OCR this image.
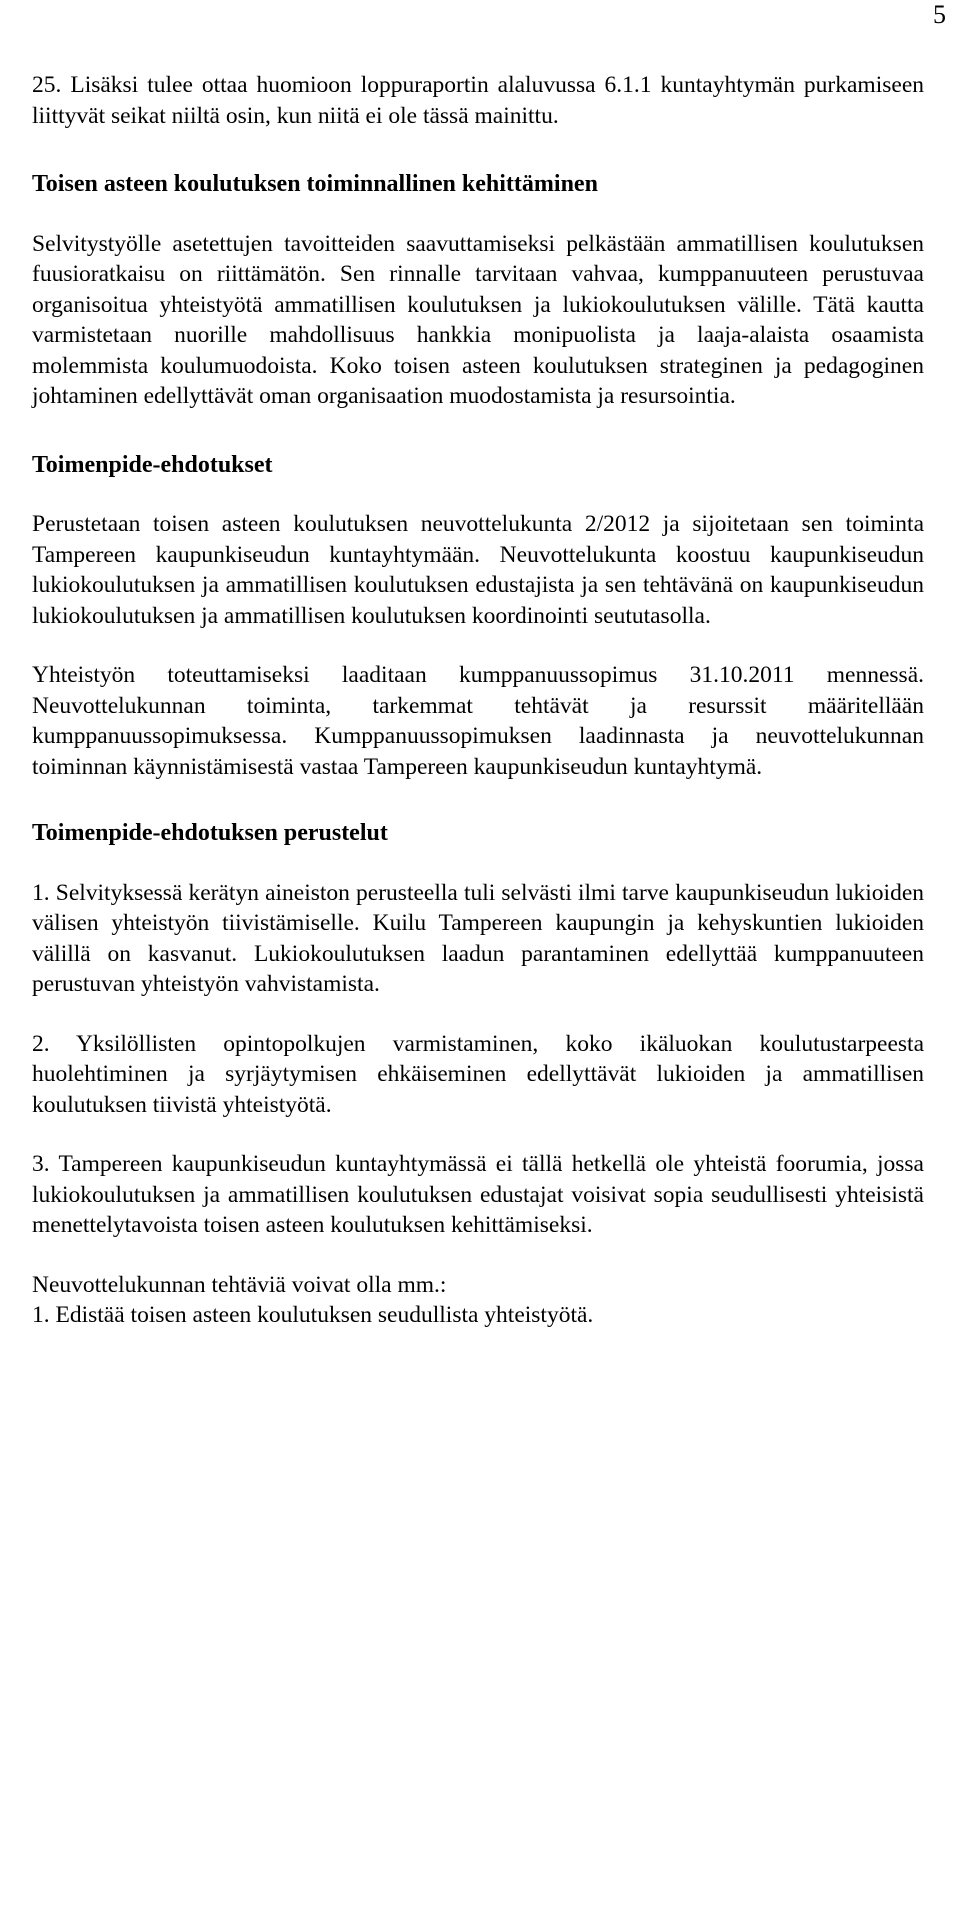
5

25. Lisäksi tulee ottaa huomioon loppuraportin alaluvussa 6.1.1 kuntayhtymän purkamiseen liittyvät seikat niiltä osin, kun niitä ei ole tässä mainittu.

Toisen asteen koulutuksen toiminnallinen kehittäminen

Selvitystyölle asetettujen tavoitteiden saavuttamiseksi pelkästään ammatillisen koulutuksen fuusioratkaisu on riittämätön. Sen rinnalle tarvitaan vahvaa, kumppanuuteen perustuvaa organisoitua yhteistyötä ammatillisen koulutuksen ja lukiokoulutuksen välille. Tätä kautta varmistetaan nuorille mahdollisuus hankkia monipuolista ja laaja-alaista osaamista molemmista koulumuodoista. Koko toisen asteen koulutuksen strateginen ja pedagoginen johtaminen edellyttävät oman organisaation muodostamista ja resursointia.

Toimenpide-ehdotukset

Perustetaan toisen asteen koulutuksen neuvottelukunta 2/2012 ja sijoitetaan sen toiminta Tampereen kaupunkiseudun kuntayhtymään. Neuvottelukunta koostuu kaupunkiseudun lukiokoulutuksen ja ammatillisen koulutuksen edustajista ja sen tehtävänä on kaupunkiseudun lukiokoulutuksen ja ammatillisen koulutuksen koordinointi seututasolla.

Yhteistyön toteuttamiseksi laaditaan kumppanuussopimus 31.10.2011 mennessä. Neuvottelukunnan toiminta, tarkemmat tehtävät ja resurssit määritellään kumppanuussopimuksessa. Kumppanuussopimuksen laadinnasta ja neuvottelukunnan toiminnan käynnistämisestä vastaa Tampereen kaupunkiseudun kuntayhtymä.

Toimenpide-ehdotuksen perustelut

1. Selvityksessä kerätyn aineiston perusteella tuli selvästi ilmi tarve kaupunkiseudun lukioiden välisen yhteistyön tiivistämiselle. Kuilu Tampereen kaupungin ja kehyskuntien lukioiden välillä on kasvanut. Lukiokoulutuksen laadun parantaminen edellyttää kumppanuuteen perustuvan yhteistyön vahvistamista.

2. Yksilöllisten opintopolkujen varmistaminen, koko ikäluokan koulutustarpeesta huolehtiminen ja syrjäytymisen ehkäiseminen edellyttävät lukioiden ja ammatillisen koulutuksen tiivistä yhteistyötä.

3. Tampereen kaupunkiseudun kuntayhtymässä ei tällä hetkellä ole yhteistä foorumia, jossa lukiokoulutuksen ja ammatillisen koulutuksen edustajat voisivat sopia seudullisesti yhteisistä menettelytavoista toisen asteen koulutuksen kehittämiseksi.

Neuvottelukunnan tehtäviä voivat olla mm.:

1. Edistää toisen asteen koulutuksen seudullista yhteistyötä.
